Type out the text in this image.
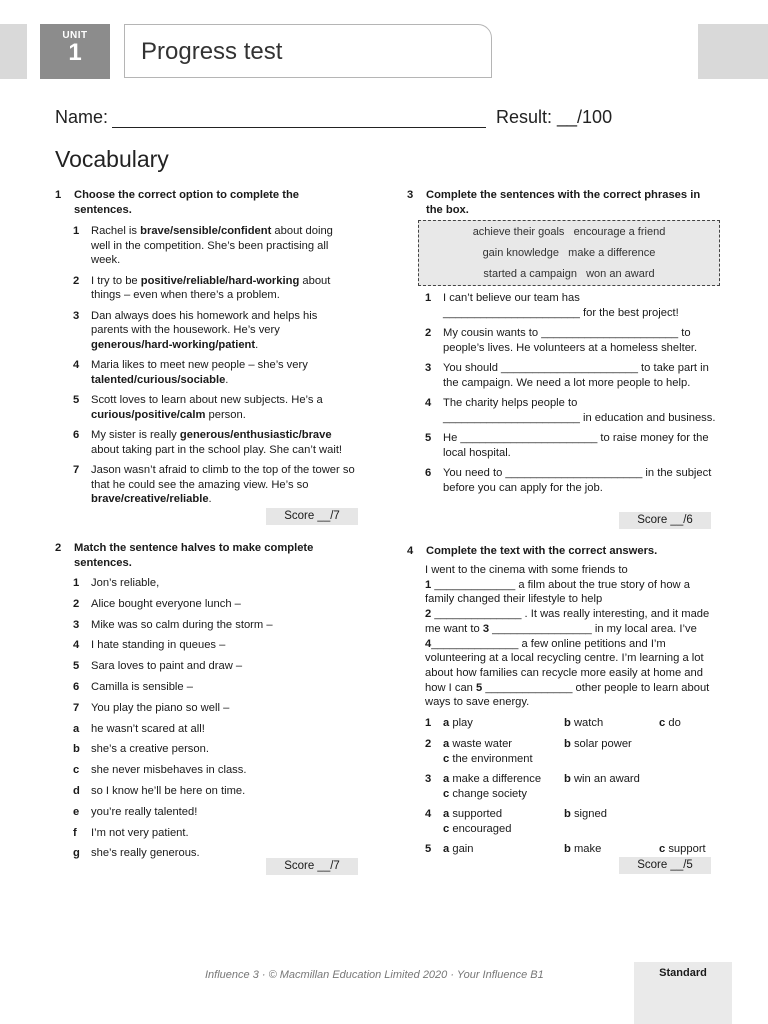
UNIT
1	Progress test
Name:	Result: __/100
Vocabulary
1 Choose the correct option to complete the sentences.
1 Rachel is brave/sensible/confident about doing well in the competition. She’s been practising all week.
2 I try to be positive/reliable/hard-working about things – even when there’s a problem.
3 Dan always does his homework and helps his parents with the housework. He’s very generous/hard-working/patient.
4 Maria likes to meet new people – she’s very talented/curious/sociable.
5 Scott loves to learn about new subjects. He’s a curious/positive/calm person.
6 My sister is really generous/enthusiastic/brave about taking part in the school play. She can’t wait!
7 Jason wasn’t afraid to climb to the top of the tower so that he could see the amazing view. He’s so brave/creative/reliable.
Score __/7
2 Match the sentence halves to make complete sentences.
1 Jon’s reliable,
2 Alice bought everyone lunch –
3 Mike was so calm during the storm –
4 I hate standing in queues –
5 Sara loves to paint and draw –
6 Camilla is sensible –
7 You play the piano so well –
a he wasn’t scared at all!
b she’s a creative person.
c she never misbehaves in class.
d so I know he’ll be here on time.
e you’re really talented!
f I’m not very patient.
g she’s really generous.
Score __/7
3 Complete the sentences with the correct phrases in the box.
achieve their goals   encourage a friend
gain knowledge   make a difference
started a campaign   won an award
1 I can’t believe our team has ______________________ for the best project!
2 My cousin wants to ______________________ to people’s lives. He volunteers at a homeless shelter.
3 You should ______________________ to take part in the campaign. We need a lot more people to help.
4 The charity helps people to ______________________ in education and business.
5 He ______________________ to raise money for the local hospital.
6 You need to ______________________ in the subject before you can apply for the job.
Score __/6
4 Complete the text with the correct answers.
I went to the cinema with some friends to
1 _____________ a film about the true story of how a family changed their lifestyle to help
2 ______________ . It was really interesting, and it made me want to 3 ________________ in my local area. I’ve 4______________ a few online petitions and I’m volunteering at a local recycling centre. I’m learning a lot about how families can recycle more easily at home and how I can 5 ______________ other people to learn about ways to save energy.
1 a play	b watch	c do
2 a waste water	b solar power
c the environment
3 a make a difference b win an award
c change society
4 a supported	b signed
c encouraged
5 a gain	b make	c support
Score __/5
Influence 3 · © Macmillan Education Limited 2020 · Your Influence B1	Standard
